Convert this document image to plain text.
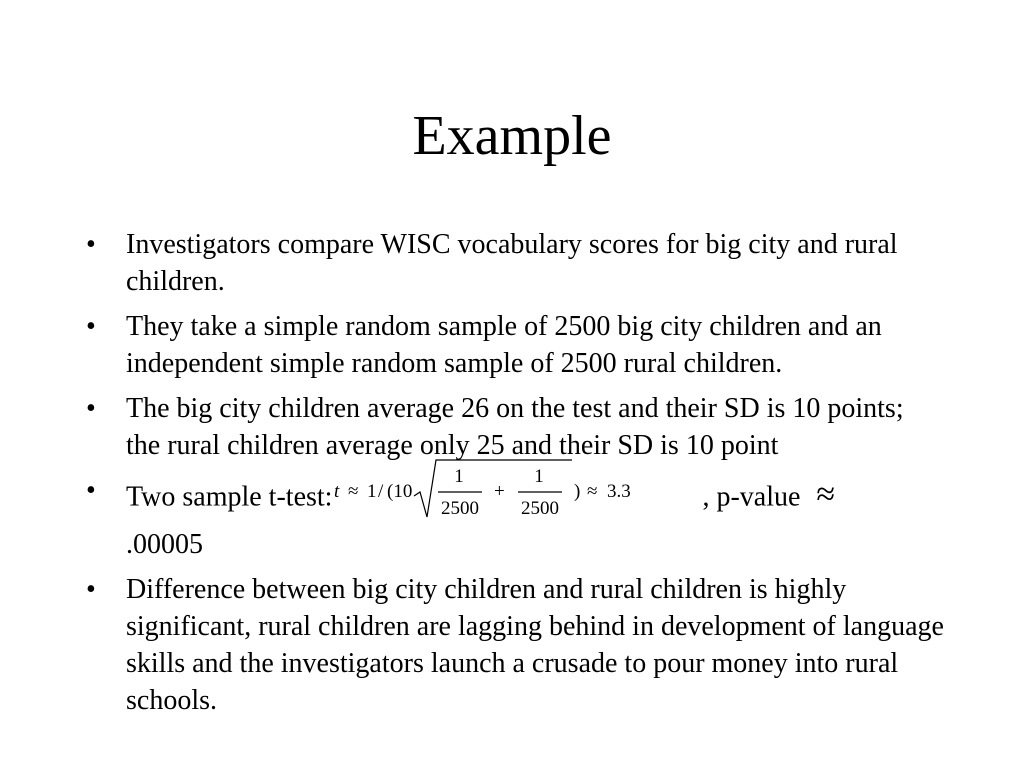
Example
• Investigators compare WISC vocabulary scores for big city and rural children.
• They take a simple random sample of 2500 big city children and an independent simple random sample of 2500 rural children.
• The big city children average 26 on the test and their SD is 10 points; the rural children average only 25 and their SD is 10 point
• Two sample t-test: t ≈ 1 / (10
1
2500
+
1
2500
) ≈ 3.3	, p-value ≈
.00005
• Difference between big city children and rural children is highly significant, rural children are lagging behind in development of language skills and the investigators launch a crusade to pour money into rural schools.
